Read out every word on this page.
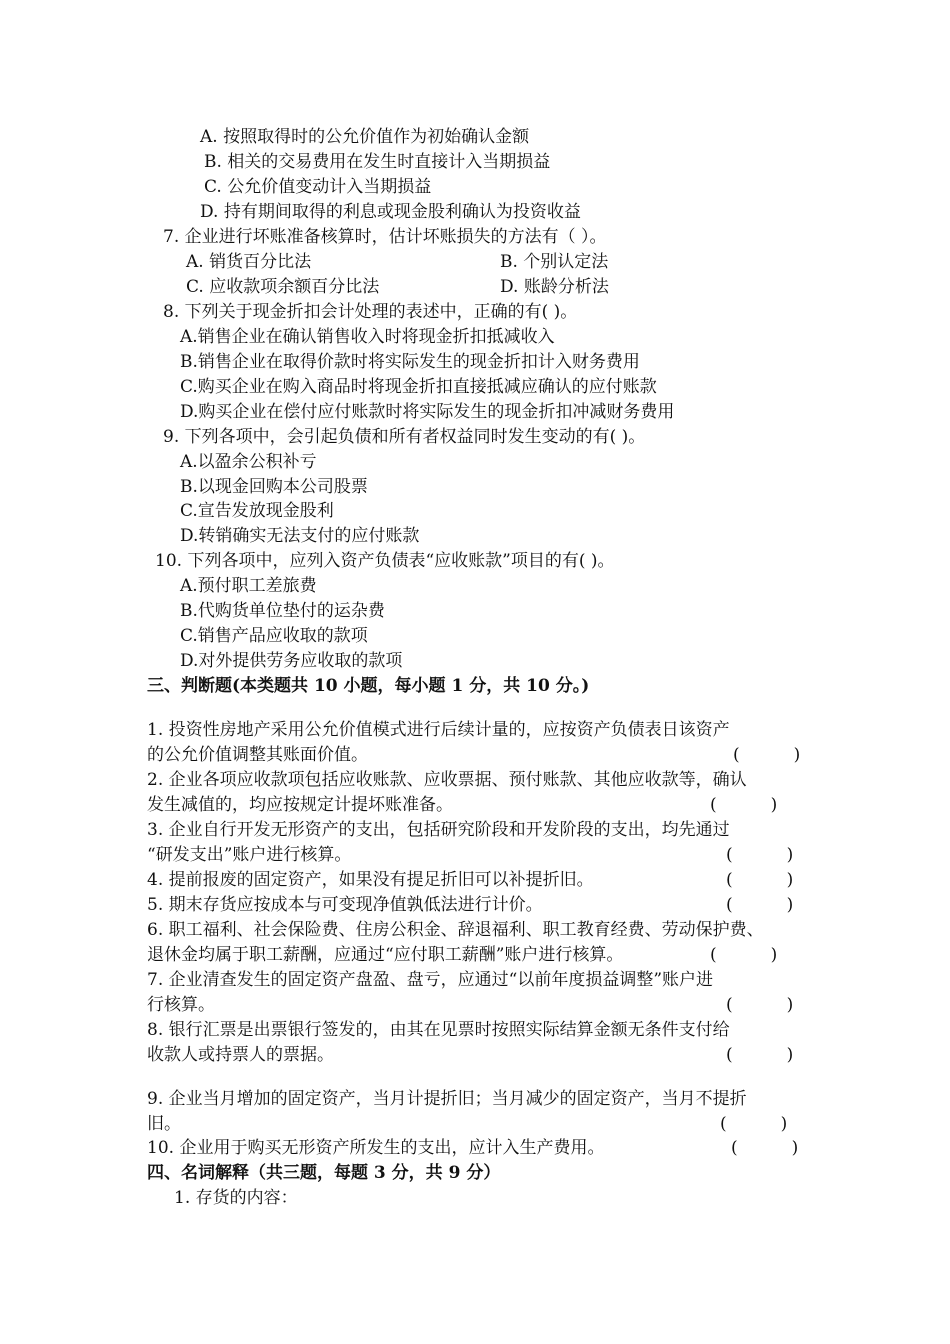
A. 按照取得时的公允价值作为初始确认金额
B. 相关的交易费用在发生时直接计入当期损益
C. 公允价值变动计入当期损益
D. 持有期间取得的利息或现金股利确认为投资收益
7. 企业进行坏账准备核算时，估计坏账损失的方法有（ ）。
A. 销货百分比法	B. 个别认定法
C. 应收款项余额百分比法	D. 账龄分析法
8. 下列关于现金折扣会计处理的表述中，正确的有( )。
A.销售企业在确认销售收入时将现金折扣抵减收入
B.销售企业在取得价款时将实际发生的现金折扣计入财务费用
C.购买企业在购入商品时将现金折扣直接抵减应确认的应付账款
D.购买企业在偿付应付账款时将实际发生的现金折扣冲减财务费用
9. 下列各项中，会引起负债和所有者权益同时发生变动的有( )。
A.以盈余公积补亏
B.以现金回购本公司股票
C.宣告发放现金股利
D.转销确实无法支付的应付账款
10. 下列各项中，应列入资产负债表“应收账款”项目的有( )。
A.预付职工差旅费
B.代购货单位垫付的运杂费
C.销售产品应收取的款项
D.对外提供劳务应收取的款项
三、判断题(本类题共 10 小题，每小题 1 分，共 10 分。)
1. 投资性房地产采用公允价值模式进行后续计量的，应按资产负债表日该资产
的公允价值调整其账面价值。	(          )
2. 企业各项应收款项包括应收账款、应收票据、预付账款、其他应收款等，确认
发生减值的，均应按规定计提坏账准备。	(          )
3. 企业自行开发无形资产的支出，包括研究阶段和开发阶段的支出，均先通过
“研发支出”账户进行核算。	(          )
4. 提前报废的固定资产，如果没有提足折旧可以补提折旧。	(          )
5. 期末存货应按成本与可变现净值孰低法进行计价。	(          )
6. 职工福利、社会保险费、住房公积金、辞退福利、职工教育经费、劳动保护费、
退休金均属于职工薪酬，应通过“应付职工薪酬”账户进行核算。	(          )
7. 企业清查发生的固定资产盘盈、盘亏，应通过“以前年度损益调整”账户进
行核算。	(          )
8. 银行汇票是出票银行签发的，由其在见票时按照实际结算金额无条件支付给
收款人或持票人的票据。	(          )
9. 企业当月增加的固定资产，当月计提折旧；当月减少的固定资产，当月不提折
旧。	(          )
10. 企业用于购买无形资产所发生的支出，应计入生产费用。	(          )
四、名词解释（共三题，每题 3 分，共 9 分）
1. 存货的内容：
